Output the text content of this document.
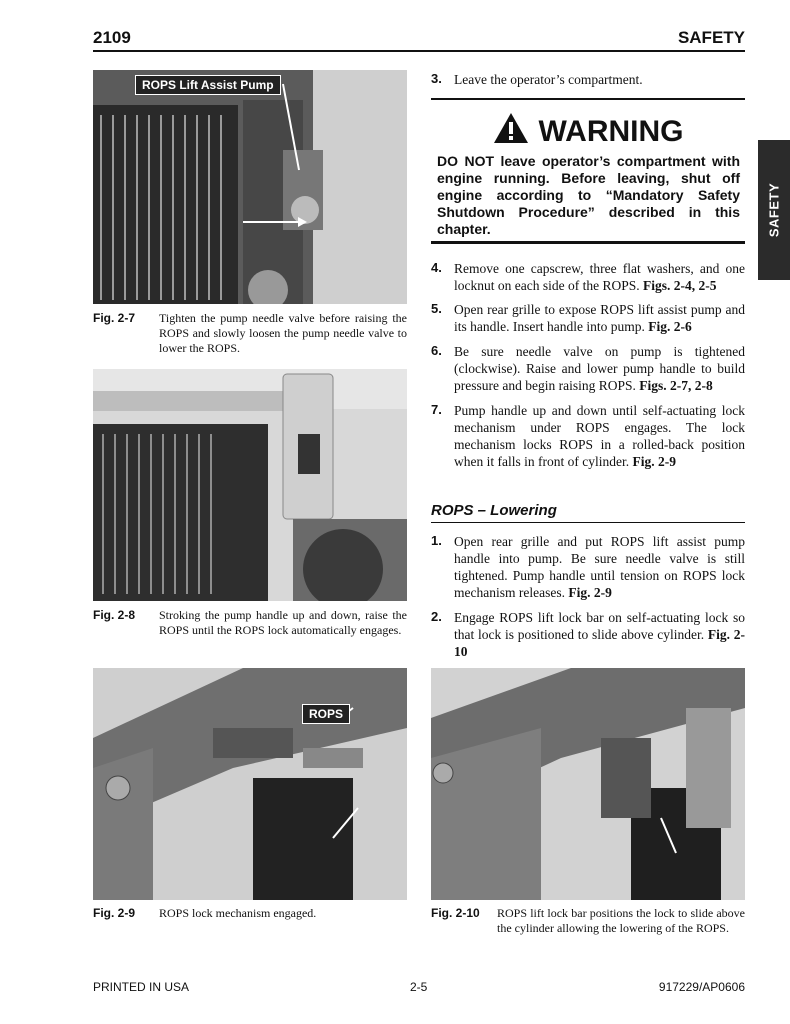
2109	SAFETY
SAFETY
ROPS Lift Assist Pump
Fig. 2-7 Tighten the pump needle valve before raising the ROPS and slowly loosen the pump needle valve to lower the ROPS.
Fig. 2-8 Stroking the pump handle up and down, raise the ROPS until the ROPS lock automatically engages.
ROPS
Fig. 2-9 ROPS lock mechanism engaged.	Fig. 2-10 ROPS lift lock bar positions the lock to slide above the cylinder allowing the lowering of the ROPS.
3. Leave the operator’s compartment.
WARNING
DO NOT leave operator’s compartment with engine running. Before leaving, shut off engine according to “Mandatory Safety Shutdown Procedure” described in this chapter.
4. Remove one capscrew, three flat washers, and one locknut on each side of the ROPS. Figs. 2-4, 2-5
5. Open rear grille to expose ROPS lift assist pump and its handle. Insert handle into pump. Fig. 2-6
6. Be sure needle valve on pump is tightened (clockwise). Raise and lower pump handle to build pressure and begin raising ROPS. Figs. 2-7, 2-8
7. Pump handle up and down until self-actuating lock mechanism under ROPS engages. The lock mechanism locks ROPS in a rolled-back position when it falls in front of cylinder. Fig. 2-9
ROPS – Lowering
1. Open rear grille and put ROPS lift assist pump handle into pump. Be sure needle valve is still tightened. Pump handle until tension on ROPS lock mechanism releases. Fig. 2-9
2. Engage ROPS lift lock bar on self-actuating lock so that lock is positioned to slide above cylinder. Fig. 2-10
PRINTED IN USA	2-5	917229/AP0606
